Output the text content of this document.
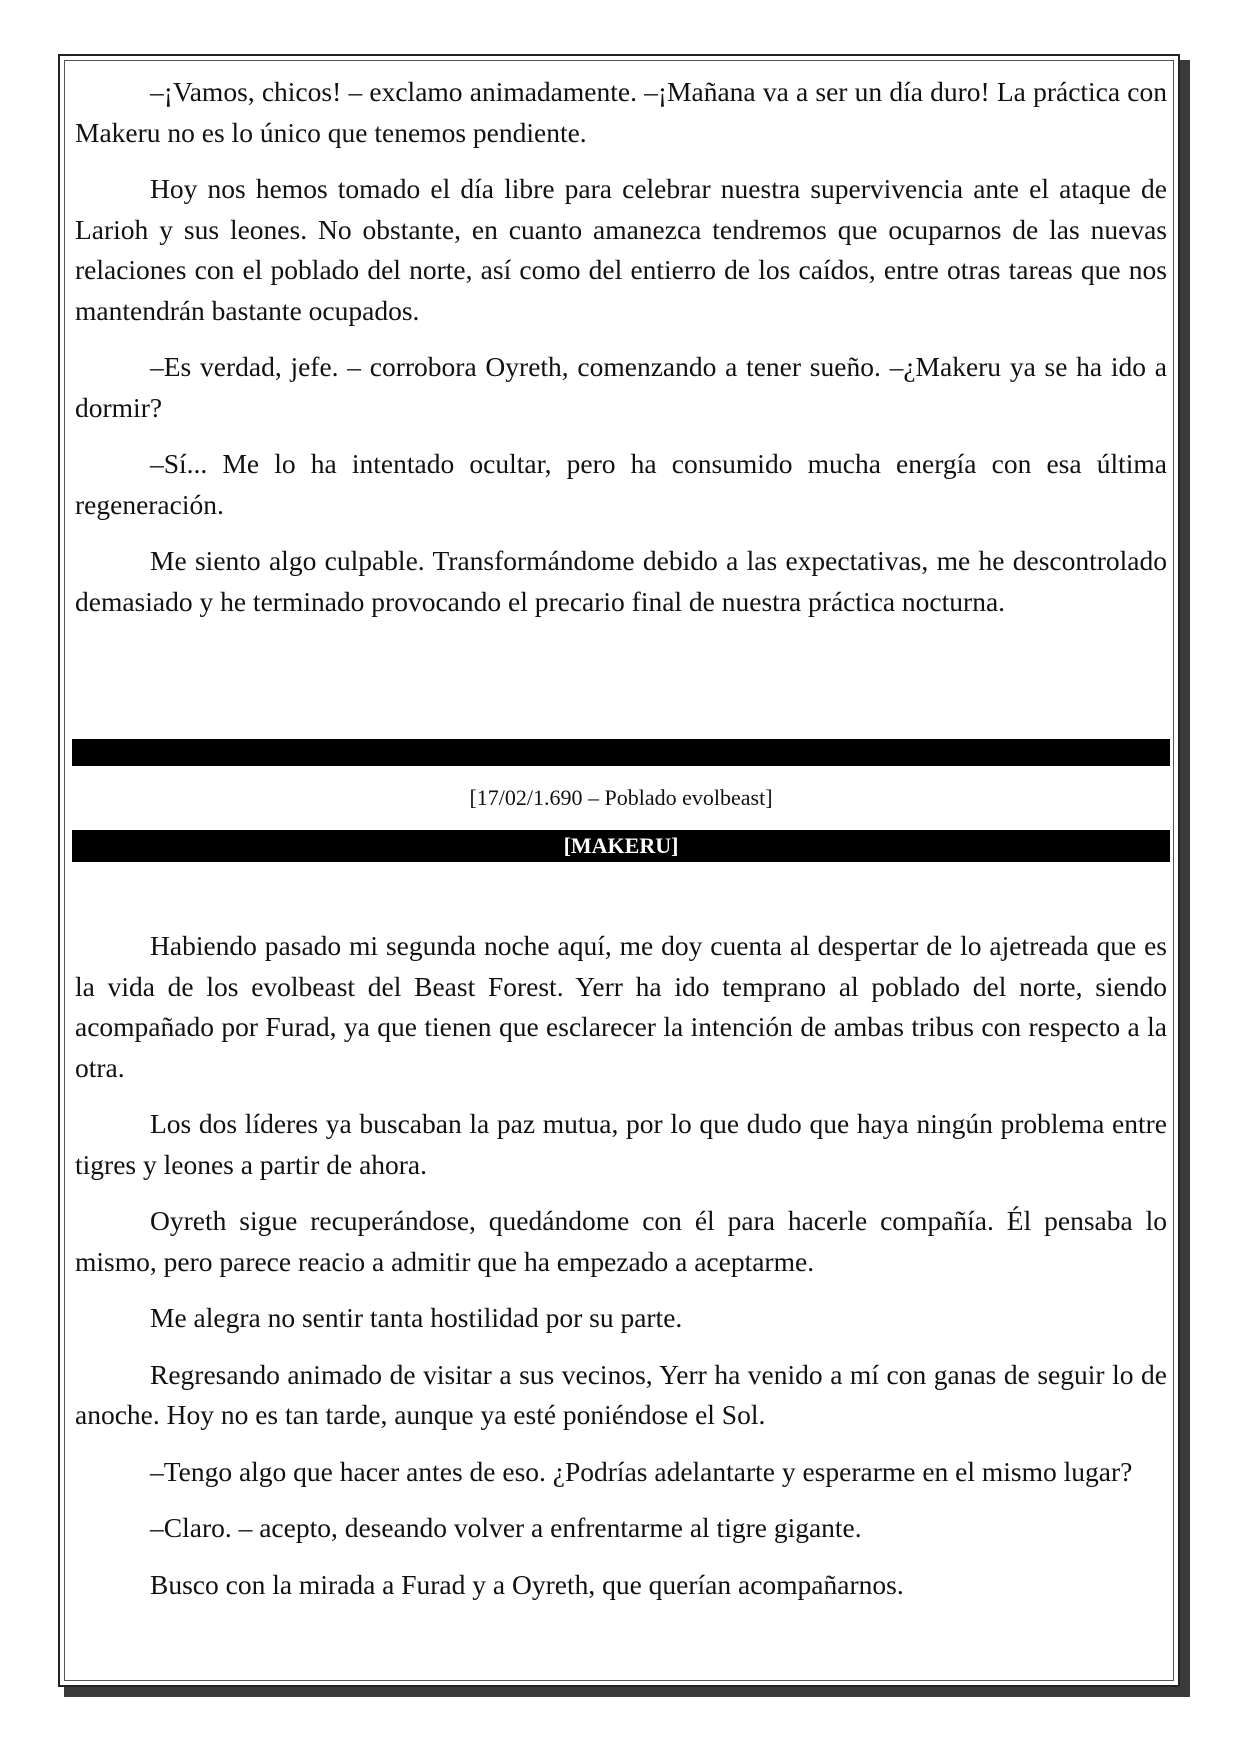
–¡Vamos, chicos! – exclamo animadamente. –¡Mañana va a ser un día duro! La práctica con Makeru no es lo único que tenemos pendiente.

Hoy nos hemos tomado el día libre para celebrar nuestra supervivencia ante el ataque de Larioh y sus leones. No obstante, en cuanto amanezca tendremos que ocuparnos de las nuevas relaciones con el poblado del norte, así como del entierro de los caídos, entre otras tareas que nos mantendrán bastante ocupados.

–Es verdad, jefe. – corrobora Oyreth, comenzando a tener sueño. –¿Makeru ya se ha ido a dormir?

–Sí... Me lo ha intentado ocultar, pero ha consumido mucha energía con esa última regeneración.

Me siento algo culpable. Transformándome debido a las expectativas, me he descontrolado demasiado y he terminado provocando el precario final de nuestra práctica nocturna.

[17/02/1.690 – Poblado evolbeast]
[MAKERU]

Habiendo pasado mi segunda noche aquí, me doy cuenta al despertar de lo ajetreada que es la vida de los evolbeast del Beast Forest. Yerr ha ido temprano al poblado del norte, siendo acompañado por Furad, ya que tienen que esclarecer la intención de ambas tribus con respecto a la otra.

Los dos líderes ya buscaban la paz mutua, por lo que dudo que haya ningún problema entre tigres y leones a partir de ahora.

Oyreth sigue recuperándose, quedándome con él para hacerle compañía. Él pensaba lo mismo, pero parece reacio a admitir que ha empezado a aceptarme.

Me alegra no sentir tanta hostilidad por su parte.

Regresando animado de visitar a sus vecinos, Yerr ha venido a mí con ganas de seguir lo de anoche. Hoy no es tan tarde, aunque ya esté poniéndose el Sol.

–Tengo algo que hacer antes de eso. ¿Podrías adelantarte y esperarme en el mismo lugar?

–Claro. – acepto, deseando volver a enfrentarme al tigre gigante.

Busco con la mirada a Furad y a Oyreth, que querían acompañarnos.
